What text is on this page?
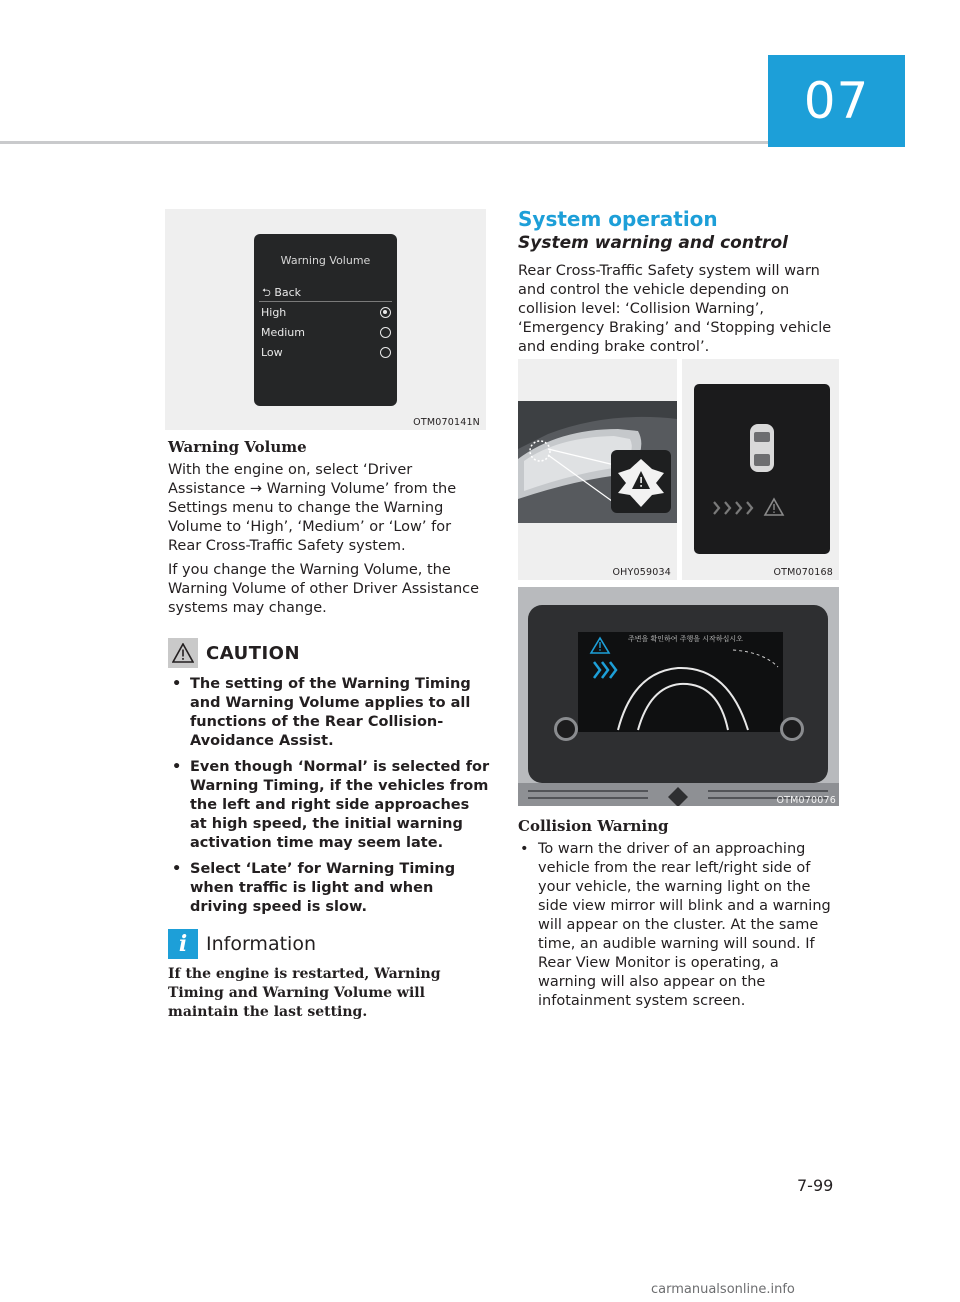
07
Warning Volume
⮌ Back
High
Medium
Low
OTM070141N
Warning Volume
With the engine on, select ‘Driver Assistance → Warning Volume’ from the Settings menu to change the Warning Volume to ‘High’, ‘Medium’ or ‘Low’ for Rear Cross-Traffic Safety system.
If you change the Warning Volume, the Warning Volume of other Driver Assistance systems may change.
CAUTION
• The setting of the Warning Timing and Warning Volume applies to all functions of the Rear Collision-Avoidance Assist.
• Even though ‘Normal’ is selected for Warning Timing, if the vehicles from the left and right side approaches at high speed, the initial warning activation time may seem late.
• Select ‘Late’ for Warning Timing when traffic is light and when driving speed is slow.
i Information
If the engine is restarted, Warning Timing and Warning Volume will maintain the last setting.
System operation
System warning and control
Rear Cross-Traffic Safety system will warn and control the vehicle depending on collision level: ‘Collision Warning’, ‘Emergency Braking’ and ‘Stopping vehicle and ending brake control’.
OHY059034	OTM070168
주변을 확인하여 주행을 시작하십시오
OTM070076
Collision Warning
• To warn the driver of an approaching vehicle from the rear left/right side of your vehicle, the warning light on the side view mirror will blink and a warning will appear on the cluster. At the same time, an audible warning will sound. If Rear View Monitor is operating, a warning will also appear on the infotainment system screen.
7-99
carmanualsonline.info
